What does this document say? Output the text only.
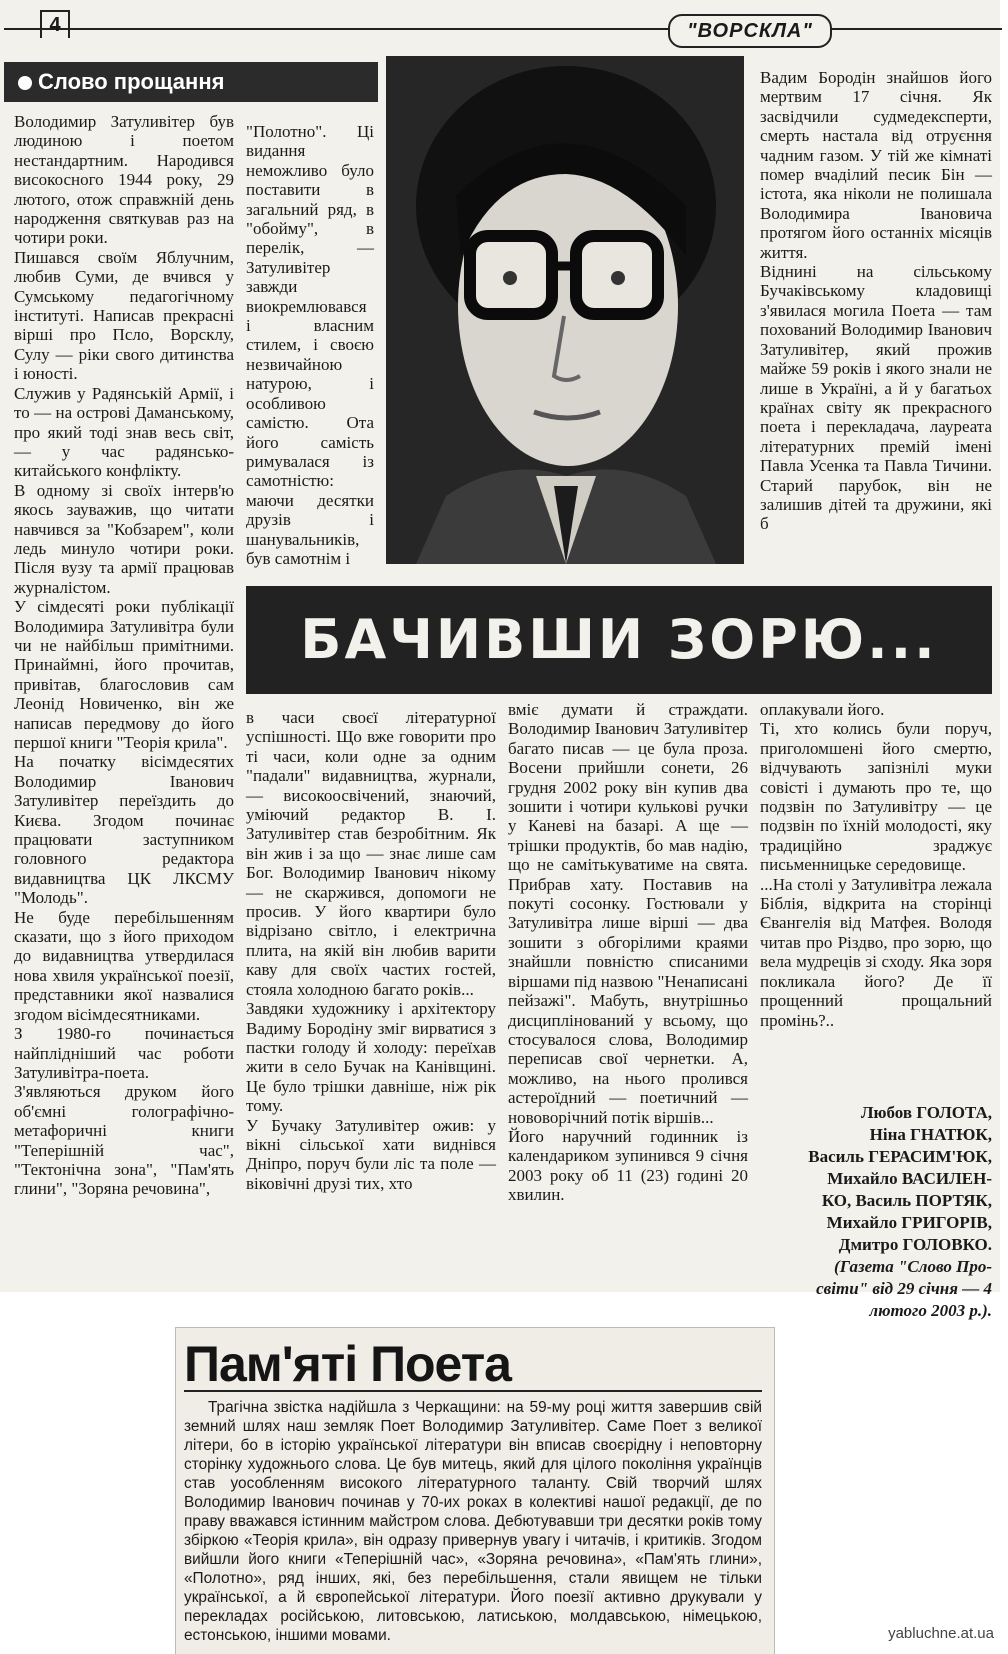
4	"ВОРСКЛА"
Слово прощання
Володимир Затуливітер був людиною і поетом нестандартним. Народився високосного 1944 року, 29 лютого, отож справжній день народження святкував раз на чотири роки.
Пишався своїм Яблучним, любив Суми, де вчився у Сумському педагогічному інституті. Написав прекрасні вірші про Псло, Ворсклу, Сулу — ріки свого дитинства і юності.
Служив у Радянській Армії, і то — на острові Даманському, про який тоді знав весь світ, — у час радянсько-китайського конфлікту.
В одному зі своїх інтерв'ю якось зауважив, що читати навчився за "Кобзарем", коли ледь минуло чотири роки. Після вузу та армії працював журналістом.
У сімдесяті роки публікації Володимира Затуливітра були чи не найбільш примітними. Принаймні, його прочитав, привітав, благословив сам Леонід Новиченко, він же написав передмову до його першої книги "Теорія крила".
На початку вісімдесятих Володимир Іванович Затуливітер переїздить до Києва. Згодом починає працювати заступником головного редактора видавництва ЦК ЛКСМУ "Молодь".
Не буде перебільшенням сказати, що з його приходом до видавництва утвердилася нова хвиля української поезії, представники якої назвалися згодом вісімдесятниками.
З 1980-го починається найплідніший час роботи Затуливітра-поета. З'являються друком його об'ємні голографічно-метафоричні книги "Теперішній час", "Тектонічна зона", "Пам'ять глини", "Зоряна речовина",
"Полотно". Ці видання неможливо було поставити в загальний ряд, в "обойму", в перелік, — Затуливітер завжди виокремлювався і власним стилем, і своєю незвичайною натурою, і особливою самістю. Ота його самість римувалася із самотністю: маючи десятки друзів і шанувальників, був самотнім і
Вадим Бородін знайшов його мертвим 17 січня. Як засвідчили судмедексперти, смерть настала від отруєння чадним газом. У тій же кімнаті помер вчаділий песик Бін — істота, яка ніколи не полишала Володимира Івановича протягом його останніх місяців життя.
Віднині на сільському Бучаківському кладовищі з'явилася могила Поета — там похований Володимир Іванович Затуливітер, який прожив майже 59 років і якого знали не лише в Україні, а й у багатьох країнах світу як прекрасного поета і перекладача, лауреата літературних премій імені Павла Усенка та Павла Тичини. Старий парубок, він не залишив дітей та дружини, які б
БАЧИВШИ ЗОРЮ...
в часи своєї літературної успішності. Що вже говорити про ті часи, коли одне за одним "падали" видавництва, журнали, — високоосвічений, знаючий, уміючий редактор В. І. Затуливітер став безробітним. Як він жив і за що — знає лише сам Бог. Володимир Іванович нікому — не скаржився, допомоги не просив. У його квартири було відрізано світло, і електрична плита, на якій він любив варити каву для своїх частих гостей, стояла холодною багато років...
Завдяки художнику і архітектору Вадиму Бородіну зміг вирватися з пастки голоду й холоду: переїхав жити в село Бучак на Канівщині. Це було трішки давніше, ніж рік тому.
У Бучаку Затуливітер ожив: у вікні сільської хати виднівся Дніпро, поруч були ліс та поле — віковічні друзі тих, хто
вміє думати й страждати. Володимир Іванович Затуливітер багато писав — це була проза. Восени прийшли сонети, 26 грудня 2002 року він купив два зошити і чотири кулькові ручки у Каневі на базарі. А ще — трішки продуктів, бо мав надію, що не самітькуватиме на свята. Прибрав хату. Поставив на покуті сосонку. Гостювали у Затуливітра лише вірші — два зошити з обгорілими краями знайшли повністю списаними віршами під назвою "Ненаписані пейзажі". Мабуть, внутрішньо дисциплінований у всьому, що стосувалося слова, Володимир переписав свої чернетки. А, можливо, на нього пролився астероїдний — поетичний — нововорічний потік віршів...
Його наручний годинник із календариком зупинився 9 січня 2003 року об 11 (23) годині 20 хвилин.
оплакували його.
Ті, хто колись були поруч, приголомшені його смертю, відчувають запізнілі муки совісті і думають про те, що подзвін по Затуливітру — це подзвін по їхній молодості, яку традиційно зраджує письменницьке середовище.
...На столі у Затуливітра лежала Біблія, відкрита на сторінці Євангелія від Матфея. Володя читав про Різдво, про зорю, що вела мудреців зі сходу. Яка зоря покликала його? Де її прощенний прощальний промінь?..
Любов ГОЛОТА,
Ніна ГНАТЮК,
Василь ГЕРАСИМ'ЮК,
Михайло ВАСИЛЕН-
КО, Василь ПОРТЯК,
Михайло ГРИГОРІВ,
Дмитро ГОЛОВКО.
(Газета "Слово Про-
світи" від 29 січня — 4
лютого 2003 р.).
Пам'яті Поета
Трагічна звістка надійшла з Черкащини: на 59-му році життя завершив свій земний шлях наш земляк Поет Володимир Затуливітер. Саме Поет з великої літери, бо в історію української літератури він вписав своєрідну і неповторну сторінку художнього слова. Це був митець, який для цілого покоління українців став уособленням високого літературного таланту. Свій творчий шлях Володимир Іванович починав у 70-их роках в колективі нашої редакції, де по праву вважався істинним майстром слова. Дебютувавши три десятки років тому збіркою «Теорія крила», він одразу привернув увагу і читачів, і критиків. Згодом вийшли його книги «Теперішній час», «Зоряна речовина», «Пам'ять глини», «Полотно», ряд інших, які, без перебільшення, стали явищем не тільки української, а й європейської літератури. Його поезії активно друкували у перекладах російською, литовською, латиською, молдавською, німецькою, естонською, іншими мовами.	yabluchne.at.ua
